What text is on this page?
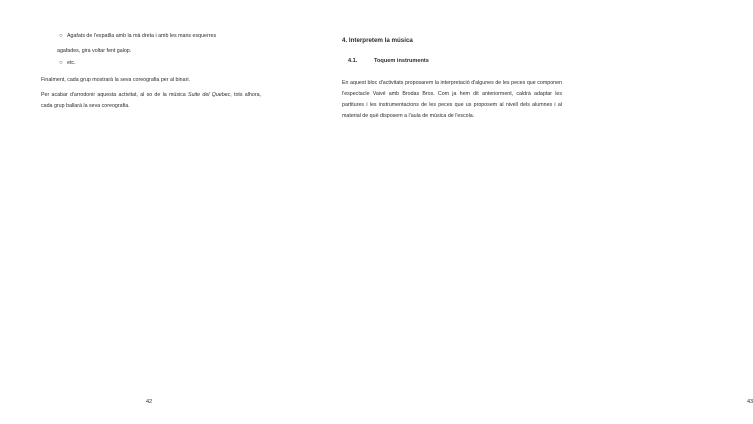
○ Agafats de l'espatlla amb la mà dreta i amb les mans esquerres
agafades, gira voltar fent galop.
○ etc.

Finalment, cada grup mostrarà la seva coreografia per al binari.

Per acabar d'arrodonir aquesta activitat, al so de la música Suite del Quebec, tots alhora, cada grup ballarà la seva coreografia.

42

4. Interpretem la música

4.1.	Toquem instruments

En aquest bloc d'activitats proposarem la interpretació d'algunes de les peces que componen l'espectacle Vaivé amb Brodas Bros. Com ja hem dit anteriorment, caldrà adaptar les partitures i les instrumentacions de les peces que us proposem al nivell dels alumnes i al material de què disposem a l'aula de música de l'escola.

43
